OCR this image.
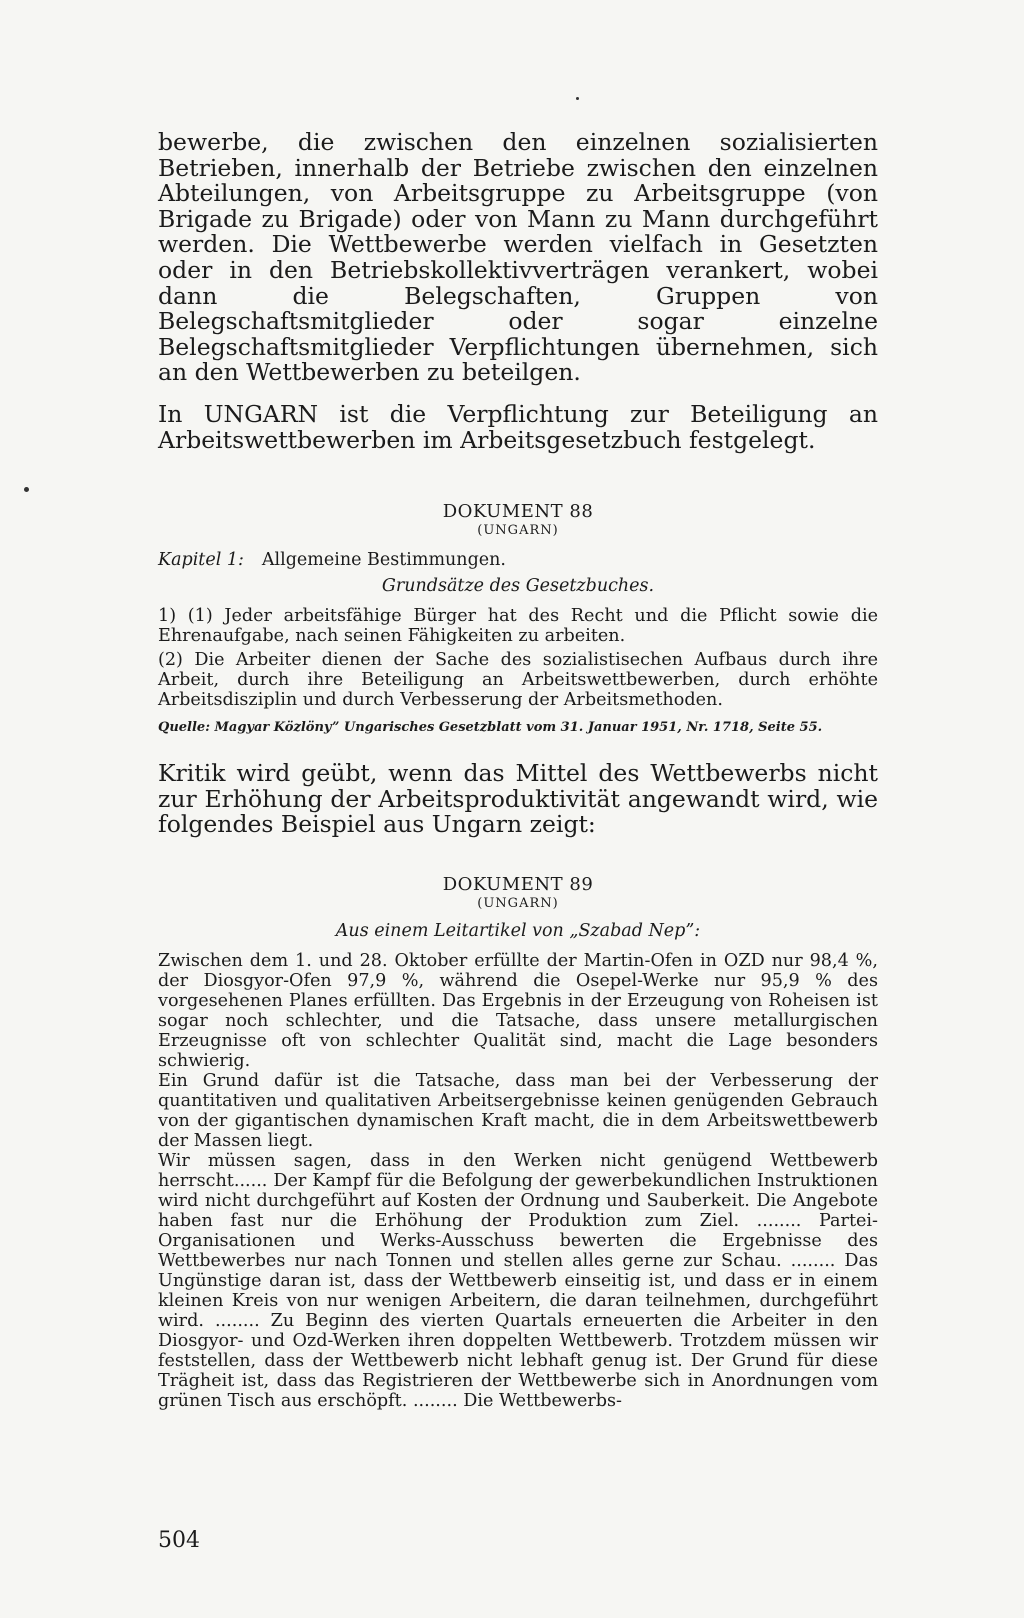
bewerbe, die zwischen den einzelnen sozialisierten Betrieben, innerhalb der Betriebe zwischen den einzelnen Abteilungen, von Arbeitsgruppe zu Arbeitsgruppe (von Brigade zu Brigade) oder von Mann zu Mann durchgeführt werden. Die Wettbewerbe werden vielfach in Gesetzten oder in den Betriebskollektivverträgen verankert, wobei dann die Belegschaften, Gruppen von Belegschaftsmitglieder oder sogar einzelne Belegschaftsmitglieder Verpflichtungen übernehmen, sich an den Wettbewerben zu beteilgen.

In UNGARN ist die Verpflichtung zur Beteiligung an Arbeitswettbewerben im Arbeitsgesetzbuch festgelegt.

DOKUMENT 88
(UNGARN)
Kapitel 1: Allgemeine Bestimmungen.
Grundsätze des Gesetzbuches.

1) (1) Jeder arbeitsfähige Bürger hat des Recht und die Pflicht sowie die Ehrenaufgabe, nach seinen Fähigkeiten zu arbeiten.

(2) Die Arbeiter dienen der Sache des sozialistisechen Aufbaus durch ihre Arbeit, durch ihre Beteiligung an Arbeitswettbewerben, durch erhöhte Arbeitsdisziplin und durch Verbesserung der Arbeitsmethoden.

Quelle: Magyar Közlöny” Ungarisches Gesetzblatt vom 31. Januar 1951, Nr. 1718, Seite 55.

Kritik wird geübt, wenn das Mittel des Wettbewerbs nicht zur Erhöhung der Arbeitsproduktivität angewandt wird, wie folgendes Beispiel aus Ungarn zeigt:

DOKUMENT 89
(UNGARN)
Aus einem Leitartikel von „Szabad Nep”:

Zwischen dem 1. und 28. Oktober erfüllte der Martin-Ofen in OZD nur 98,4 %, der Diosgyor-Ofen 97,9 %, während die Osepel-Werke nur 95,9 % des vorgesehenen Planes erfüllten. Das Ergebnis in der Erzeugung von Roheisen ist sogar noch schlechter, und die Tatsache, dass unsere metallurgischen Erzeugnisse oft von schlechter Qualität sind, macht die Lage besonders schwierig.

Ein Grund dafür ist die Tatsache, dass man bei der Verbesserung der quantitativen und qualitativen Arbeitsergebnisse keinen genügenden Gebrauch von der gigantischen dynamischen Kraft macht, die in dem Arbeitswettbewerb der Massen liegt.

Wir müssen sagen, dass in den Werken nicht genügend Wettbewerb herrscht...... Der Kampf für die Befolgung der gewerbekundlichen Instruktionen wird nicht durchgeführt auf Kosten der Ordnung und Sauberkeit. Die Angebote haben fast nur die Erhöhung der Produktion zum Ziel. ........ Partei-Organisationen und Werks-Ausschuss bewerten die Ergebnisse des Wettbewerbes nur nach Tonnen und stellen alles gerne zur Schau. ........ Das Ungünstige daran ist, dass der Wettbewerb einseitig ist, und dass er in einem kleinen Kreis von nur wenigen Arbeitern, die daran teilnehmen, durchgeführt wird. ........ Zu Beginn des vierten Quartals erneuerten die Arbeiter in den Diosgyor- und Ozd-Werken ihren doppelten Wettbewerb. Trotzdem müssen wir feststellen, dass der Wettbewerb nicht lebhaft genug ist. Der Grund für diese Trägheit ist, dass das Registrieren der Wettbewerbe sich in Anordnungen vom grünen Tisch aus erschöpft. ........ Die Wettbewerbs-

504
